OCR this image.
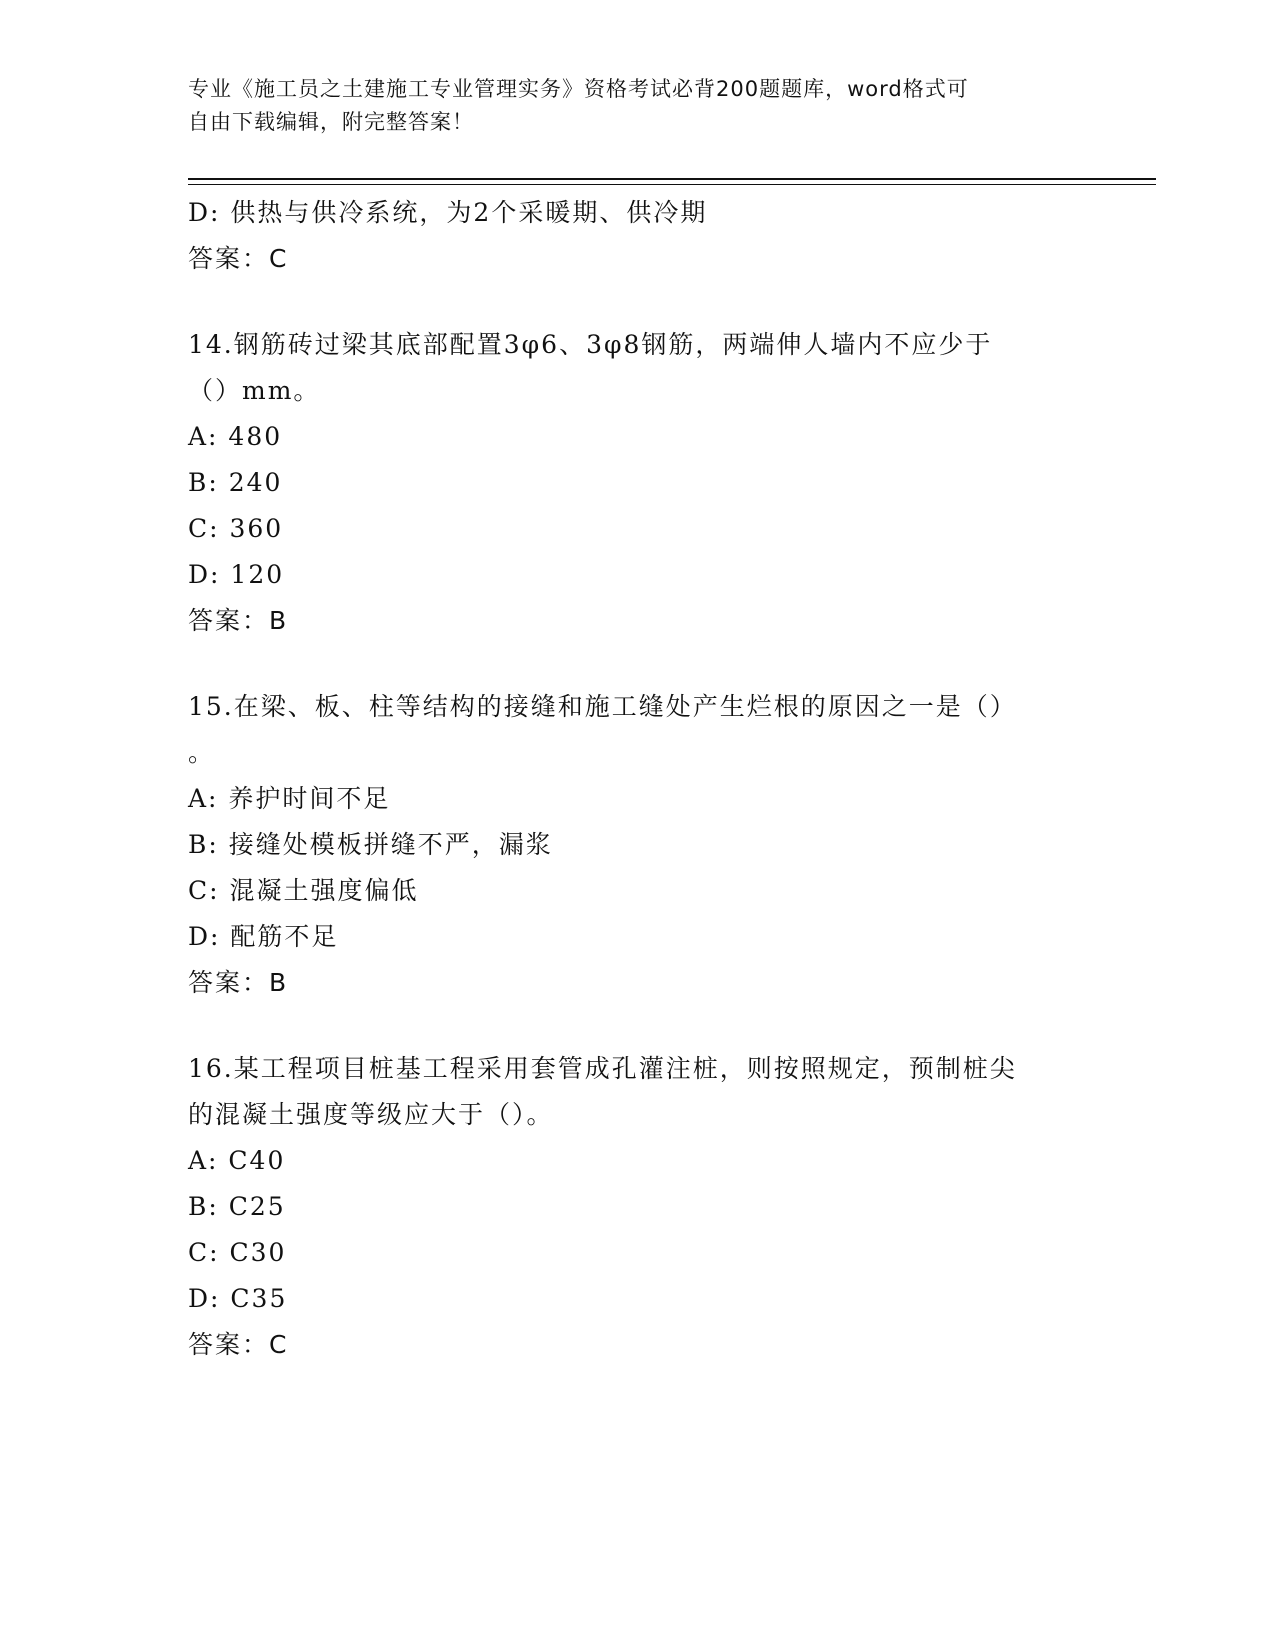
专业《施工员之土建施工专业管理实务》资格考试必背200题题库，word格式可
自由下载编辑，附完整答案！
D: 供热与供冷系统，为2个采暖期、供冷期
答案：C
14.钢筋砖过梁其底部配置3φ6、3φ8钢筋，两端伸人墙内不应少于
（）mm。
A: 480
B: 240
C: 360
D: 120
答案：B
15.在梁、板、柱等结构的接缝和施工缝处产生烂根的原因之一是（）
。
A: 养护时间不足
B: 接缝处模板拼缝不严，漏浆
C: 混凝土强度偏低
D: 配筋不足
答案：B
16.某工程项目桩基工程采用套管成孔灌注桩，则按照规定，预制桩尖
的混凝土强度等级应大于（）。
A: C40
B: C25
C: C30
D: C35
答案：C
